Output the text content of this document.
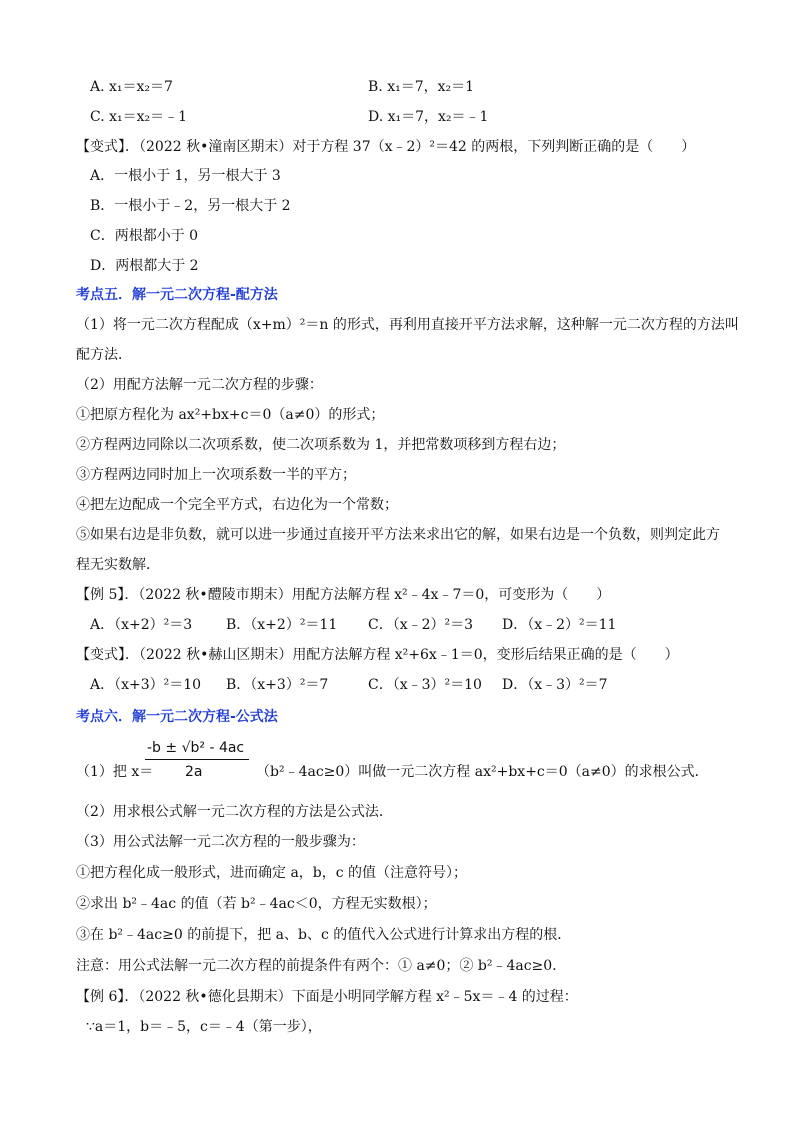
A. x₁＝x₂＝7	B. x₁＝7，x₂＝1
C. x₁＝x₂＝﹣1	D. x₁＝7，x₂＝﹣1
【变式】．（2022 秋•潼南区期末）对于方程 37（x﹣2）²＝42 的两根，下列判断正确的是（　　）
A．一根小于 1，另一根大于 3
B．一根小于﹣2，另一根大于 2
C．两根都小于 0
D．两根都大于 2
考点五．解一元二次方程-配方法
（1）将一元二次方程配成（x+m）²＝n 的形式，再利用直接开平方法求解，这种解一元二次方程的方法叫
配方法．
（2）用配方法解一元二次方程的步骤：
①把原方程化为 ax²+bx+c＝0（a≠0）的形式；
②方程两边同除以二次项系数，使二次项系数为 1，并把常数项移到方程右边；
③方程两边同时加上一次项系数一半的平方；
④把左边配成一个完全平方式，右边化为一个常数；
⑤如果右边是非负数，就可以进一步通过直接开平方法来求出它的解，如果右边是一个负数，则判定此方
程无实数解．
【例 5】．（2022 秋•醴陵市期末）用配方法解方程 x²﹣4x﹣7＝0，可变形为（　　）
A．（x+2）²＝3 B．（x+2）²＝11 C．（x﹣2）²＝3 D．（x﹣2）²＝11
【变式】．（2022 秋•赫山区期末）用配方法解方程 x²+6x﹣1＝0，变形后结果正确的是（　　）
A．（x+3）²＝10 B．（x+3）²＝7	C．（x﹣3）²＝10 D．（x﹣3）²＝7
考点六．解一元二次方程-公式法
-b ± √b² - 4ac
2a
（1）把 x＝	（b²﹣4ac≥0）叫做一元二次方程 ax²+bx+c＝0（a≠0）的求根公式．
（2）用求根公式解一元二次方程的方法是公式法．
（3）用公式法解一元二次方程的一般步骤为：
①把方程化成一般形式，进而确定 a，b，c 的值（注意符号）；
②求出 b²﹣4ac 的值（若 b²﹣4ac＜0，方程无实数根）；
③在 b²﹣4ac≥0 的前提下，把 a、b、c 的值代入公式进行计算求出方程的根．
注意：用公式法解一元二次方程的前提条件有两个：① a≠0；② b²﹣4ac≥0．
【例 6】．（2022 秋•德化县期末）下面是小明同学解方程 x²﹣5x＝﹣4 的过程：
∵a＝1，b＝﹣5，c＝﹣4（第一步），
